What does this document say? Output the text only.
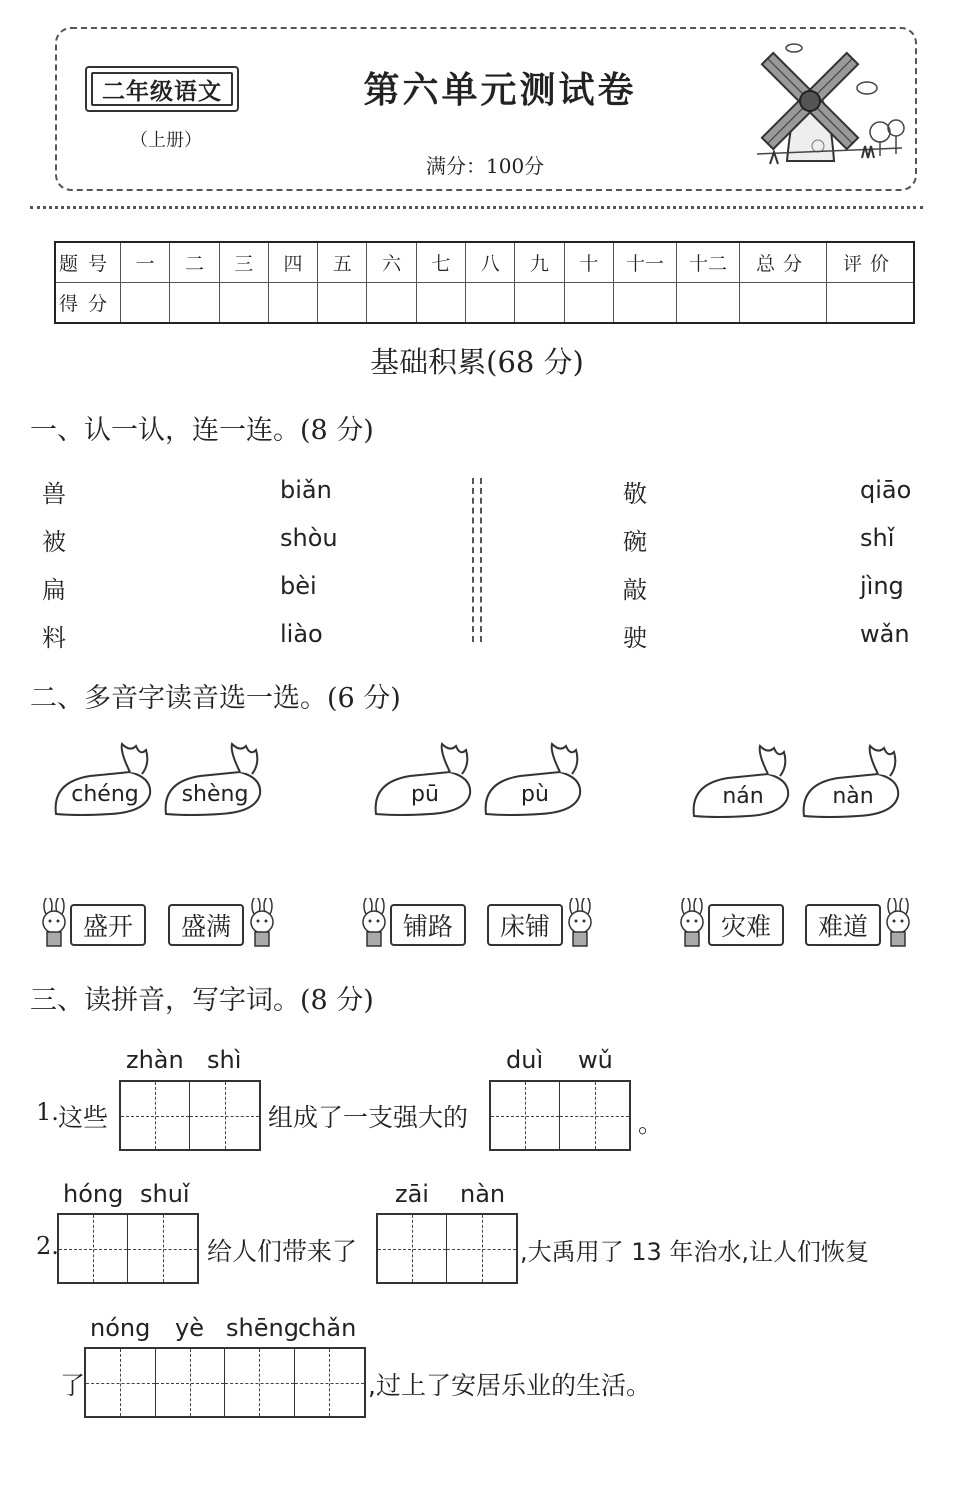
二年级语文
（上册）
第六单元测试卷
满分：100分
题号	一	二	三	四	五	六	七	八	九	十	十一	十二	总分	评价
得分														
基础积累(68 分)
一、认一认，连一连。(8 分)
兽
被
扁
料
biǎn
shòu
bèi
liào
敬
碗
敲
驶
qiāo
shǐ
jìng
wǎn
二、多音字读音选一选。(6 分)
chéng	shèng	pū	pù	nán	nàn
盛开	盛满	铺路	床铺	灾难	难道
三、读拼音，写字词。(8 分)
zhàn shì
1. 这些	组成了一支强大的
duì wǔ
。
hóng shuǐ
2.	给人们带来了
zāi nàn
,大禹用了 13 年治水,让人们恢复
nóng yè shēng chǎn
了	,过上了安居乐业的生活。
